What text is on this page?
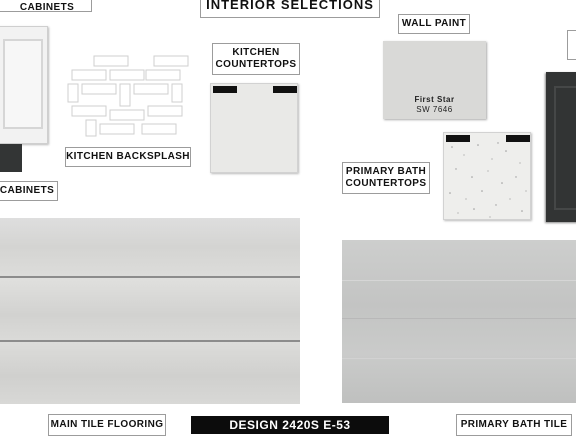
INTERIOR SELECTIONS
CABINETS
CABINETS
KITCHEN BACKSPLASH
KITCHEN
COUNTERTOPS
WALL PAINT
First Star
SW 7646
PRIMARY BATH
COUNTERTOPS
MAIN TILE FLOORING	DESIGN 2420S E-53	PRIMARY BATH TILE
